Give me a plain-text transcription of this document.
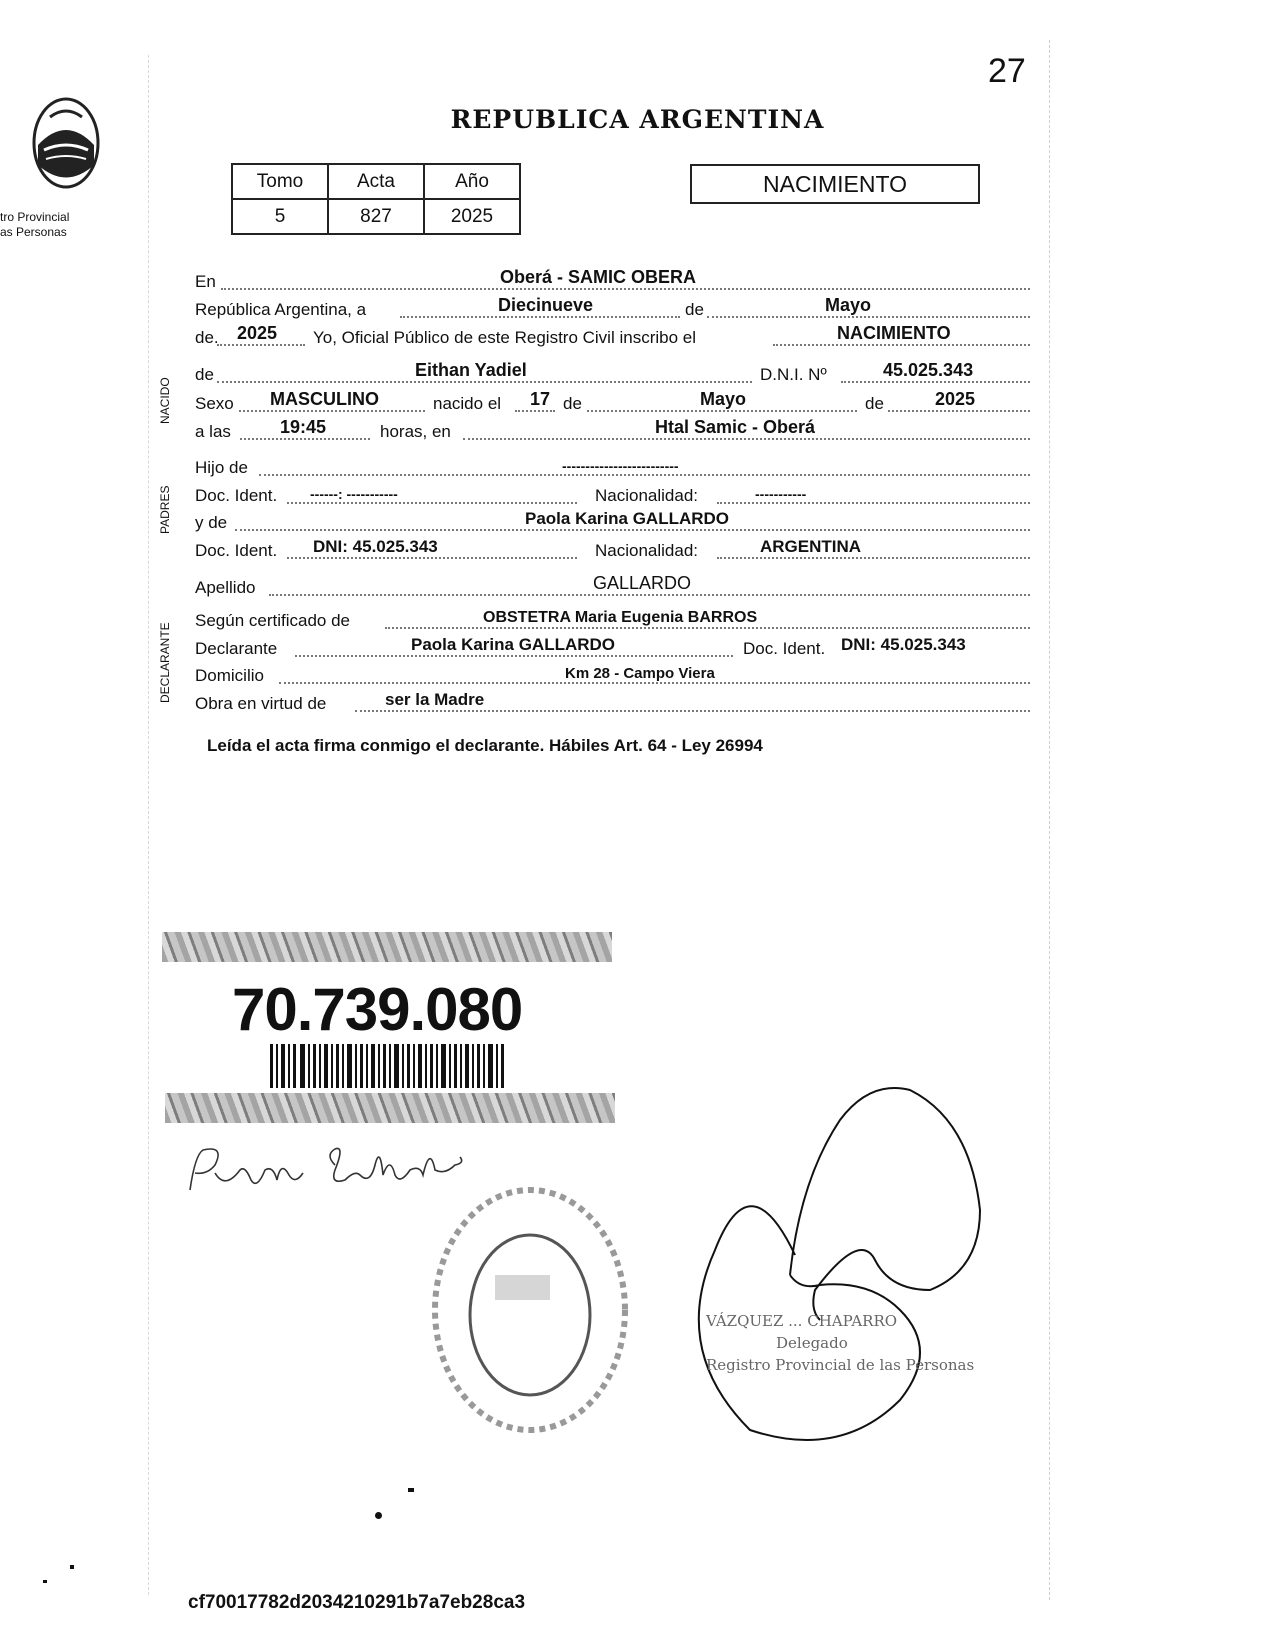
27
tro Provincial
as Personas
REPUBLICA ARGENTINA
Tomo	Acta	Año
5	827	2025
NACIMIENTO
En	Oberá - SAMIC OBERA
República Argentina, a	Diecinueve	de	Mayo
de. 2025 Yo, Oficial Público de este Registro Civil inscribo el	NACIMIENTO
NACIDO
de	Eithan Yadiel	D.N.I. Nº	45.025.343
Sexo MASCULINO	nacido el 17 de	Mayo	de	2025
a las	19:45	horas, en	Htal Samic - Oberá
PADRES
Hijo de	-------------------------
Doc. Ident. ------: -----------	Nacionalidad:	-----------
y de	Paola Karina GALLARDO
Doc. Ident. DNI: 45.025.343	Nacionalidad:	ARGENTINA
Apellido	GALLARDO
DECLARANTE
Según certificado de	OBSTETRA Maria Eugenia BARROS
Declarante	Paola Karina GALLARDO	Doc. Ident. DNI: 45.025.343
Domicilio	Km 28 - Campo Viera
Obra en virtud de	ser la Madre
Leída el acta firma conmigo el declarante. Hábiles Art. 64 - Ley 26994
70.739.080
VÁZQUEZ ... CHAPARRO
Delegado
Registro Provincial de las Personas
cf70017782d2034210291b7a7eb28ca3
